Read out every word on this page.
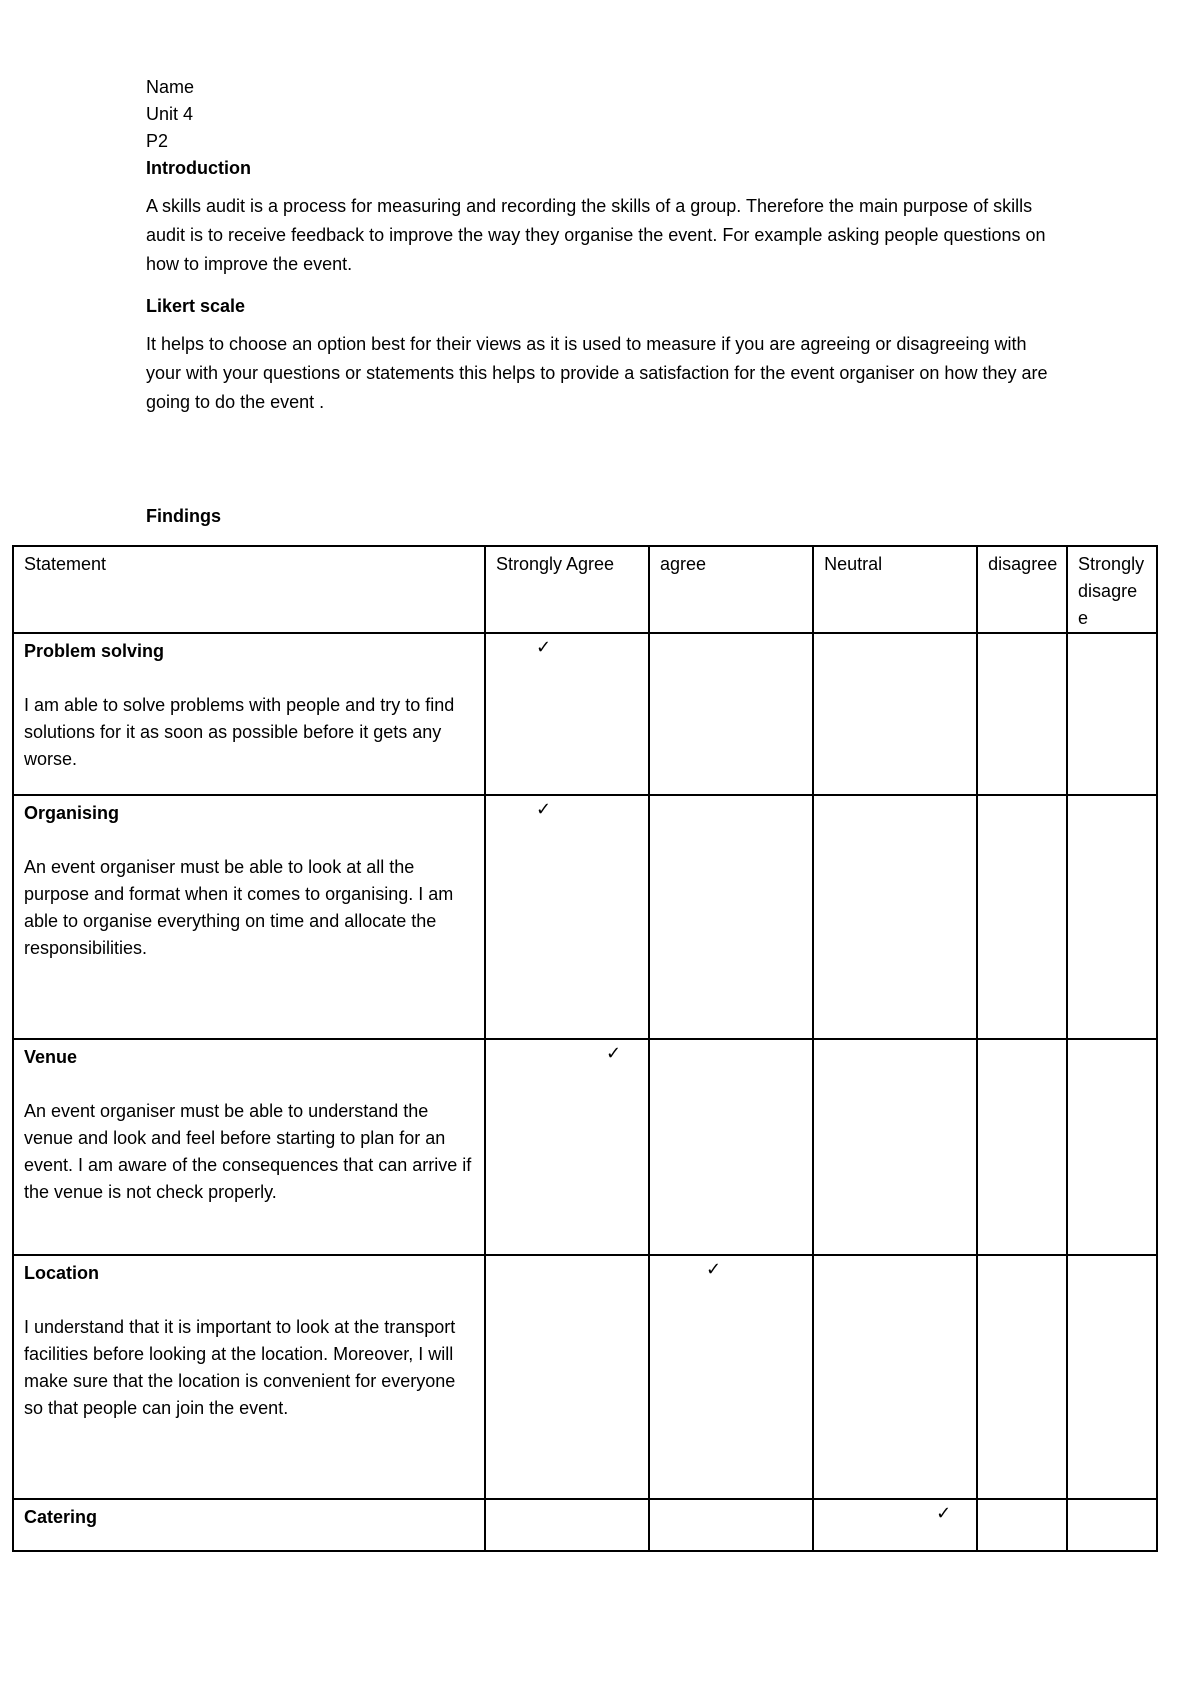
Name

Unit 4

P2

Introduction

A skills audit is a process for measuring and recording the skills of a group. Therefore the main purpose of skills audit is to receive feedback to improve the way they organise the event. For example asking people questions on how to improve the event.

Likert scale

It helps to choose an option best for their views as it is used to measure if you are agreeing or disagreeing with your with your questions or statements this helps to provide a satisfaction for the event organiser on how they are going to do the event .

Findings
Statement	Strongly Agree	agree	Neutral	disagree	Strongly disagre e

Problem solving
I am able to solve problems with people and try to find solutions for it as soon as possible before it gets any worse.	✓				

Organising
An event organiser must be able to look at all the purpose and format when it comes to organising. I am able to organise everything on time and allocate the responsibilities.	✓				

Venue
An event organiser must be able to understand the venue and look and feel before starting to plan for an event. I am aware of the consequences that can arrive if the venue is not check properly.	✓				

Location
I understand that it is important to look at the transport facilities before looking at the location. Moreover, I will make sure that the location is convenient for everyone so that people can join the event.		✓			

Catering			✓		
